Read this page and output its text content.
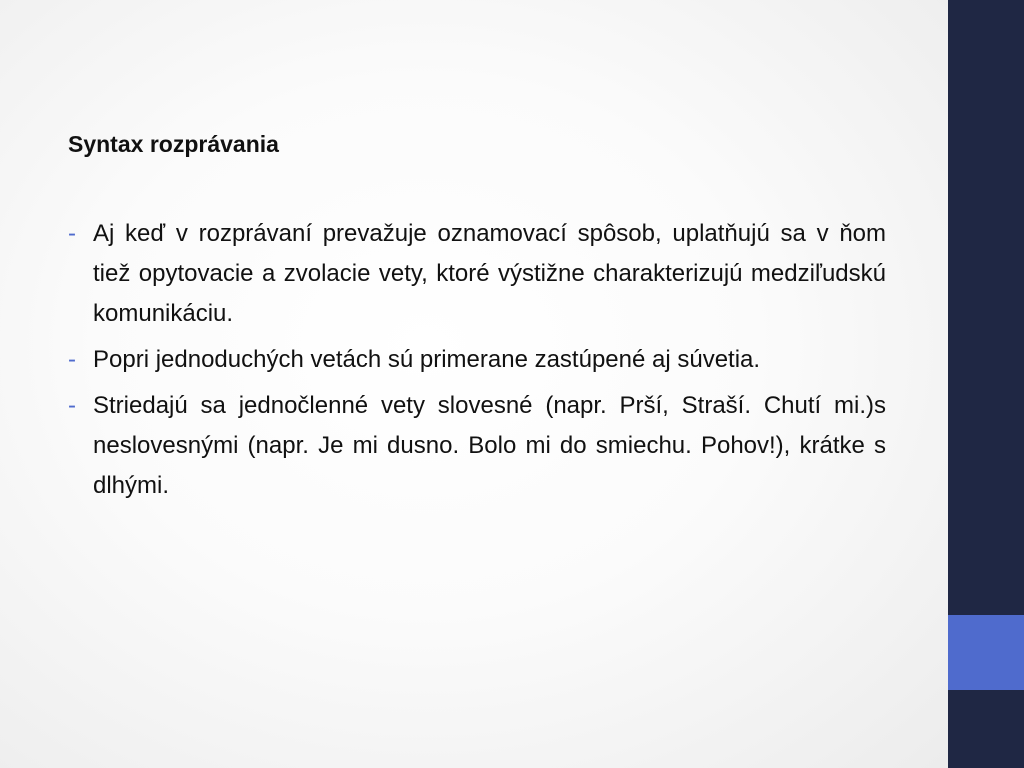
Syntax rozprávania
- Aj keď v rozprávaní prevažuje oznamovací spôsob, uplatňujú sa v ňom tiež opytovacie a zvolacie vety, ktoré výstižne charakterizujú medziľudskú komunikáciu.
- Popri jednoduchých vetách sú primerane zastúpené aj súvetia.
- Striedajú sa jednočlenné vety slovesné (napr. Prší, Straší. Chutí mi.)s neslovesnými (napr. Je mi dusno. Bolo mi do smiechu. Pohov!), krátke s dlhými.
